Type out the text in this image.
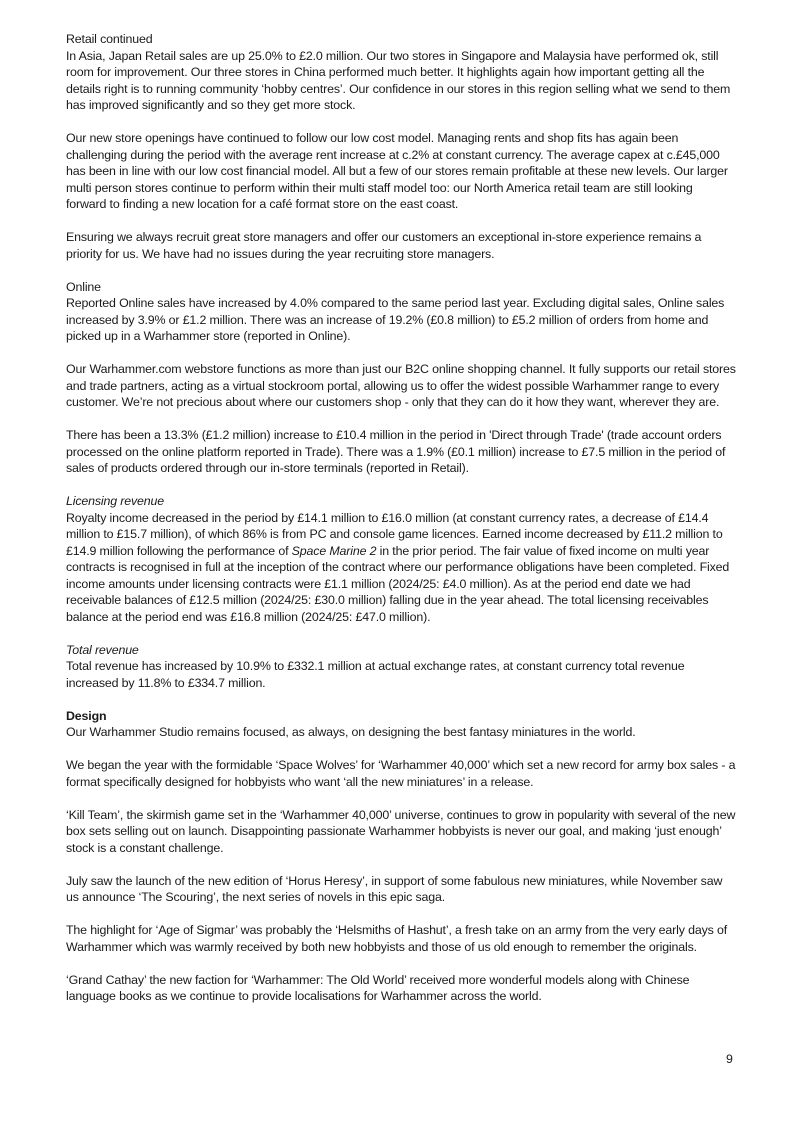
Retail continued

In Asia, Japan Retail sales are up 25.0% to £2.0 million. Our two stores in Singapore and Malaysia have performed ok, still room for improvement. Our three stores in China performed much better. It highlights again how important getting all the details right is to running community ‘hobby centres’. Our confidence in our stores in this region selling what we send to them has improved significantly and so they get more stock.

Our new store openings have continued to follow our low cost model. Managing rents and shop fits has again been challenging during the period with the average rent increase at c.2% at constant currency. The average capex at c.£45,000 has been in line with our low cost financial model. All but a few of our stores remain profitable at these new levels. Our larger multi person stores continue to perform within their multi staff model too: our North America retail team are still looking forward to finding a new location for a café format store on the east coast.

Ensuring we always recruit great store managers and offer our customers an exceptional in-store experience remains a priority for us. We have had no issues during the year recruiting store managers.

Online

Reported Online sales have increased by 4.0% compared to the same period last year. Excluding digital sales, Online sales increased by 3.9% or £1.2 million. There was an increase of 19.2% (£0.8 million) to £5.2 million of orders from home and picked up in a Warhammer store (reported in Online).

Our Warhammer.com webstore functions as more than just our B2C online shopping channel. It fully supports our retail stores and trade partners, acting as a virtual stockroom portal, allowing us to offer the widest possible Warhammer range to every customer. We’re not precious about where our customers shop - only that they can do it how they want, wherever they are.

There has been a 13.3% (£1.2 million) increase to £10.4 million in the period in 'Direct through Trade' (trade account orders processed on the online platform reported in Trade). There was a 1.9% (£0.1 million) increase to £7.5 million in the period of sales of products ordered through our in-store terminals (reported in Retail).

Licensing revenue

Royalty income decreased in the period by £14.1 million to £16.0 million (at constant currency rates, a decrease of £14.4 million to £15.7 million), of which 86% is from PC and console game licences. Earned income decreased by £11.2 million to £14.9 million following the performance of Space Marine 2 in the prior period. The fair value of fixed income on multi year contracts is recognised in full at the inception of the contract where our performance obligations have been completed. Fixed income amounts under licensing contracts were £1.1 million (2024/25: £4.0 million). As at the period end date we had receivable balances of £12.5 million (2024/25: £30.0 million) falling due in the year ahead. The total licensing receivables balance at the period end was £16.8 million (2024/25: £47.0 million).

Total revenue

Total revenue has increased by 10.9% to £332.1 million at actual exchange rates, at constant currency total revenue increased by 11.8% to £334.7 million.

Design

Our Warhammer Studio remains focused, as always, on designing the best fantasy miniatures in the world.

We began the year with the formidable ‘Space Wolves’ for ‘Warhammer 40,000’ which set a new record for army box sales - a format specifically designed for hobbyists who want ‘all the new miniatures’ in a release.

‘Kill Team’, the skirmish game set in the ‘Warhammer 40,000’ universe, continues to grow in popularity with several of the new box sets selling out on launch. Disappointing passionate Warhammer hobbyists is never our goal, and making ‘just enough’ stock is a constant challenge.

July saw the launch of the new edition of ‘Horus Heresy’, in support of some fabulous new miniatures, while November saw us announce ‘The Scouring’, the next series of novels in this epic saga.

The highlight for ‘Age of Sigmar’ was probably the ‘Helsmiths of Hashut’, a fresh take on an army from the very early days of Warhammer which was warmly received by both new hobbyists and those of us old enough to remember the originals.

‘Grand Cathay’ the new faction for ‘Warhammer: The Old World’ received more wonderful models along with Chinese language books as we continue to provide localisations for Warhammer across the world.

9
